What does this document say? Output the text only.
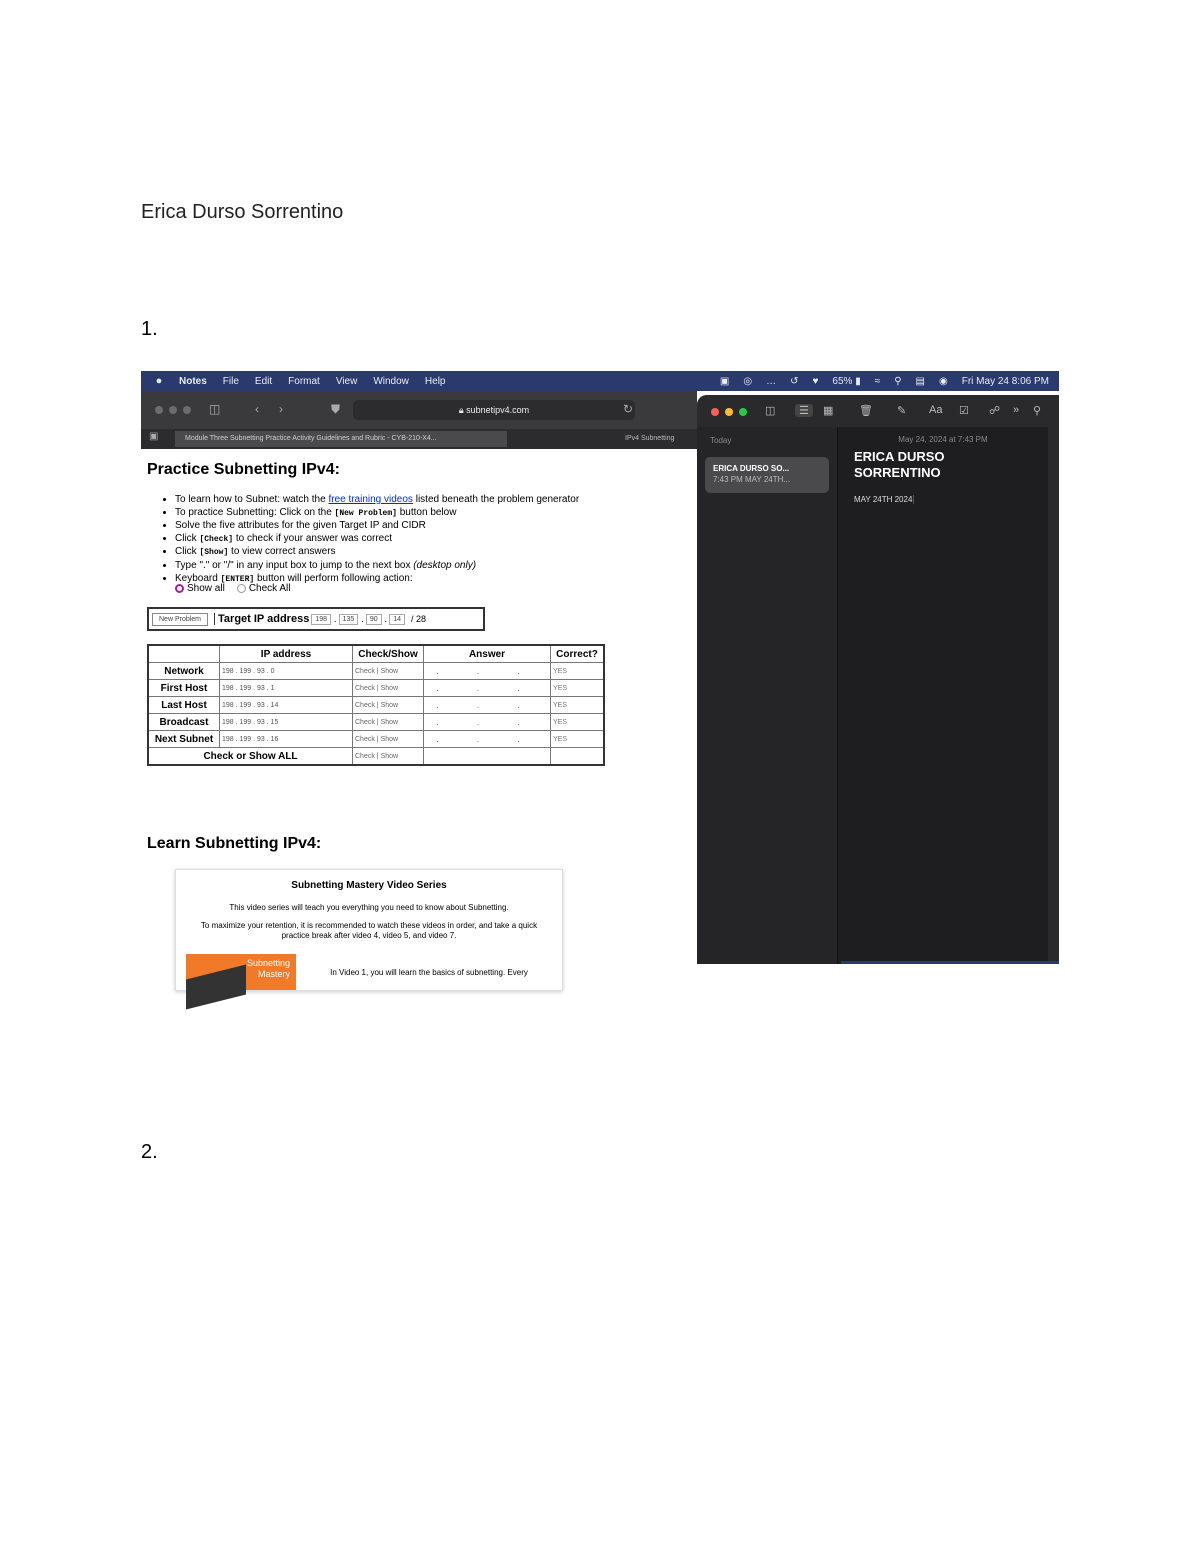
Erica Durso Sorrentino
1.
2.
● Notes File Edit Format View Window Help	▣ ◎ … ↺ ♥ 65% ▮ ≈ ⚲ ▤ ◉ Fri May 24 8:06 PM
◫	‹ ›	⛊	🔒︎
subnetipv4.com	↻
▣	Module Three Subnetting Practice Activity Guidelines and Rubric - CYB-210-X4...	IPv4 Subnetting
Practice Subnetting IPv4:
• To learn how to Subnet: watch the free training videos listed beneath the problem generator
• To practice Subnetting: Click on the [New Problem] button below
• Solve the five attributes for the given Target IP and CIDR
• Click [Check] to check if your answer was correct
• Click [Show] to view correct answers
• Type "." or "/" in any input box to jump to the next box (desktop only)
• Keyboard [ENTER] button will perform following action:
Show all	Check All
New Problem	Target IP address 198 . 135 . 90 . 14	/ 28
	IP address	Check/Show	Answer	Correct?
Network	198 . 199 . 93 . 0	Check | Show	. . .	YES
First Host	198 . 199 . 93 . 1	Check | Show	. . .	YES
Last Host	198 . 199 . 93 . 14	Check | Show	. . .	YES
Broadcast	198 . 199 . 93 . 15	Check | Show	. . .	YES
Next Subnet	198 . 199 . 93 . 16	Check | Show	. . .	YES
Check or Show ALL		Check | Show		
Learn Subnetting IPv4:
Subnetting Mastery Video Series
This video series will teach you everything you need to know about Subnetting.
To maximize your retention, it is recommended to watch these videos in order, and take a quick practice break after video 4, video 5, and video 7.
Subnetting
Mastery	In Video 1, you will learn the basics of subnetting. Every
◫	☰	▦ 🗑︎ ✎ Aa ☑ ☍ » ⚲
Today
ERICA DURSO SO...
7:43 PM MAY 24TH...
May 24, 2024 at 7:43 PM
ERICA DURSO SORRENTINO
MAY 24TH 2024
